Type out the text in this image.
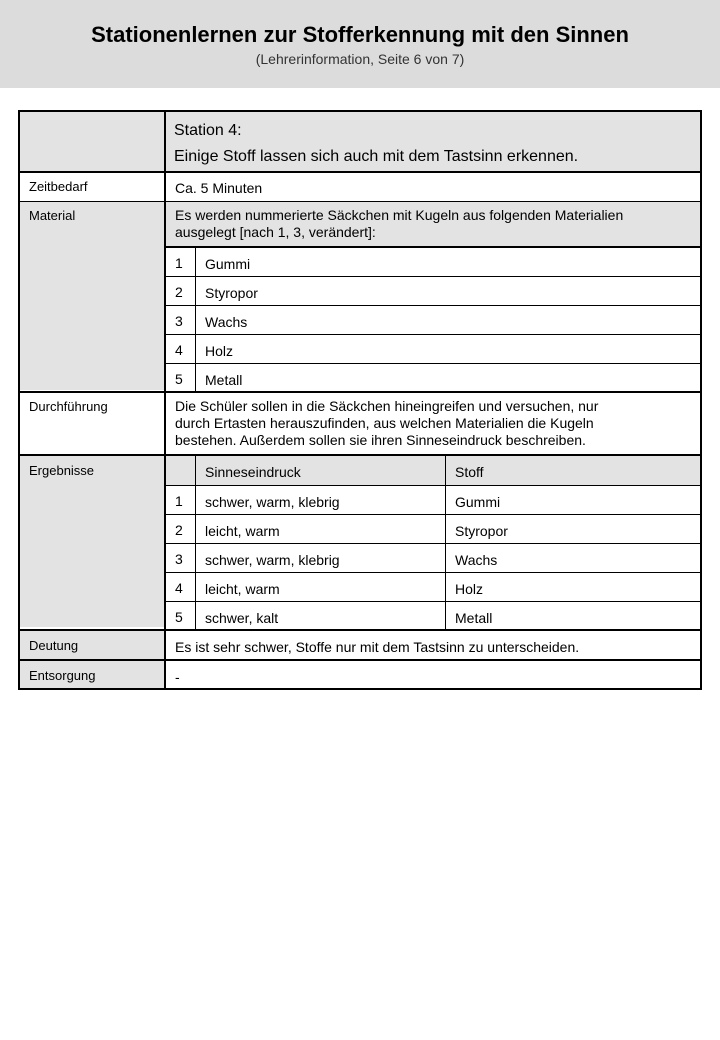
Stationenlernen zur Stofferkennung mit den Sinnen
(Lehrerinformation, Seite 6 von 7)
Station 4:
Einige Stoff lassen sich auch mit dem Tastsinn erkennen.
Zeitbedarf	Ca. 5 Minuten
Material	Es werden nummerierte Säckchen mit Kugeln aus folgenden Materialien
ausgelegt [nach 1, 3, verändert]:
1	Gummi
2	Styropor
3	Wachs
4	Holz
5	Metall
Durchführung	Die Schüler sollen in die Säckchen hineingreifen und versuchen, nur
durch Ertasten herauszufinden, aus welchen Materialien die Kugeln
bestehen. Außerdem sollen sie ihren Sinneseindruck beschreiben.
Ergebnisse	Sinneseindruck	Stoff
1	schwer, warm, klebrig	Gummi
2	leicht, warm	Styropor
3	schwer, warm, klebrig	Wachs
4	leicht, warm	Holz
5	schwer, kalt	Metall
Deutung	Es ist sehr schwer, Stoffe nur mit dem Tastsinn zu unterscheiden.
Entsorgung	-
